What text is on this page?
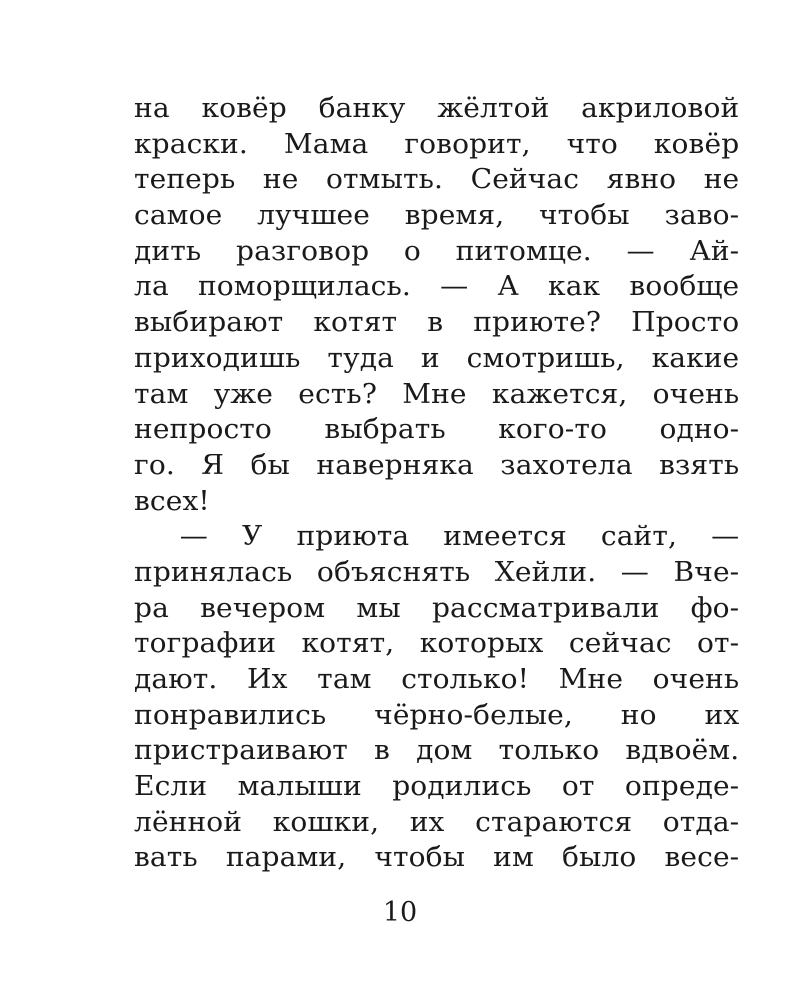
на ковёр банку жёлтой акриловой
краски. Мама говорит, что ковёр
теперь не отмыть. Сейчас явно не
самое лучшее время, чтобы заво-
дить разговор о питомце. — Ай-
ла поморщилась. — А как вообще
выбирают котят в приюте? Просто
приходишь туда и смотришь, какие
там уже есть? Мне кажется, очень
непросто выбрать кого-то одно-
го. Я бы наверняка захотела взять
всех!
— У приюта имеется сайт, —
принялась объяснять Хейли. — Вче-
ра вечером мы рассматривали фо-
тографии котят, которых сейчас от-
дают. Их там столько! Мне очень
понравились чёрно-белые, но их
пристраивают в дом только вдвоём.
Если малыши родились от опреде-
лённой кошки, их стараются отда-
вать парами, чтобы им было весе-
10
